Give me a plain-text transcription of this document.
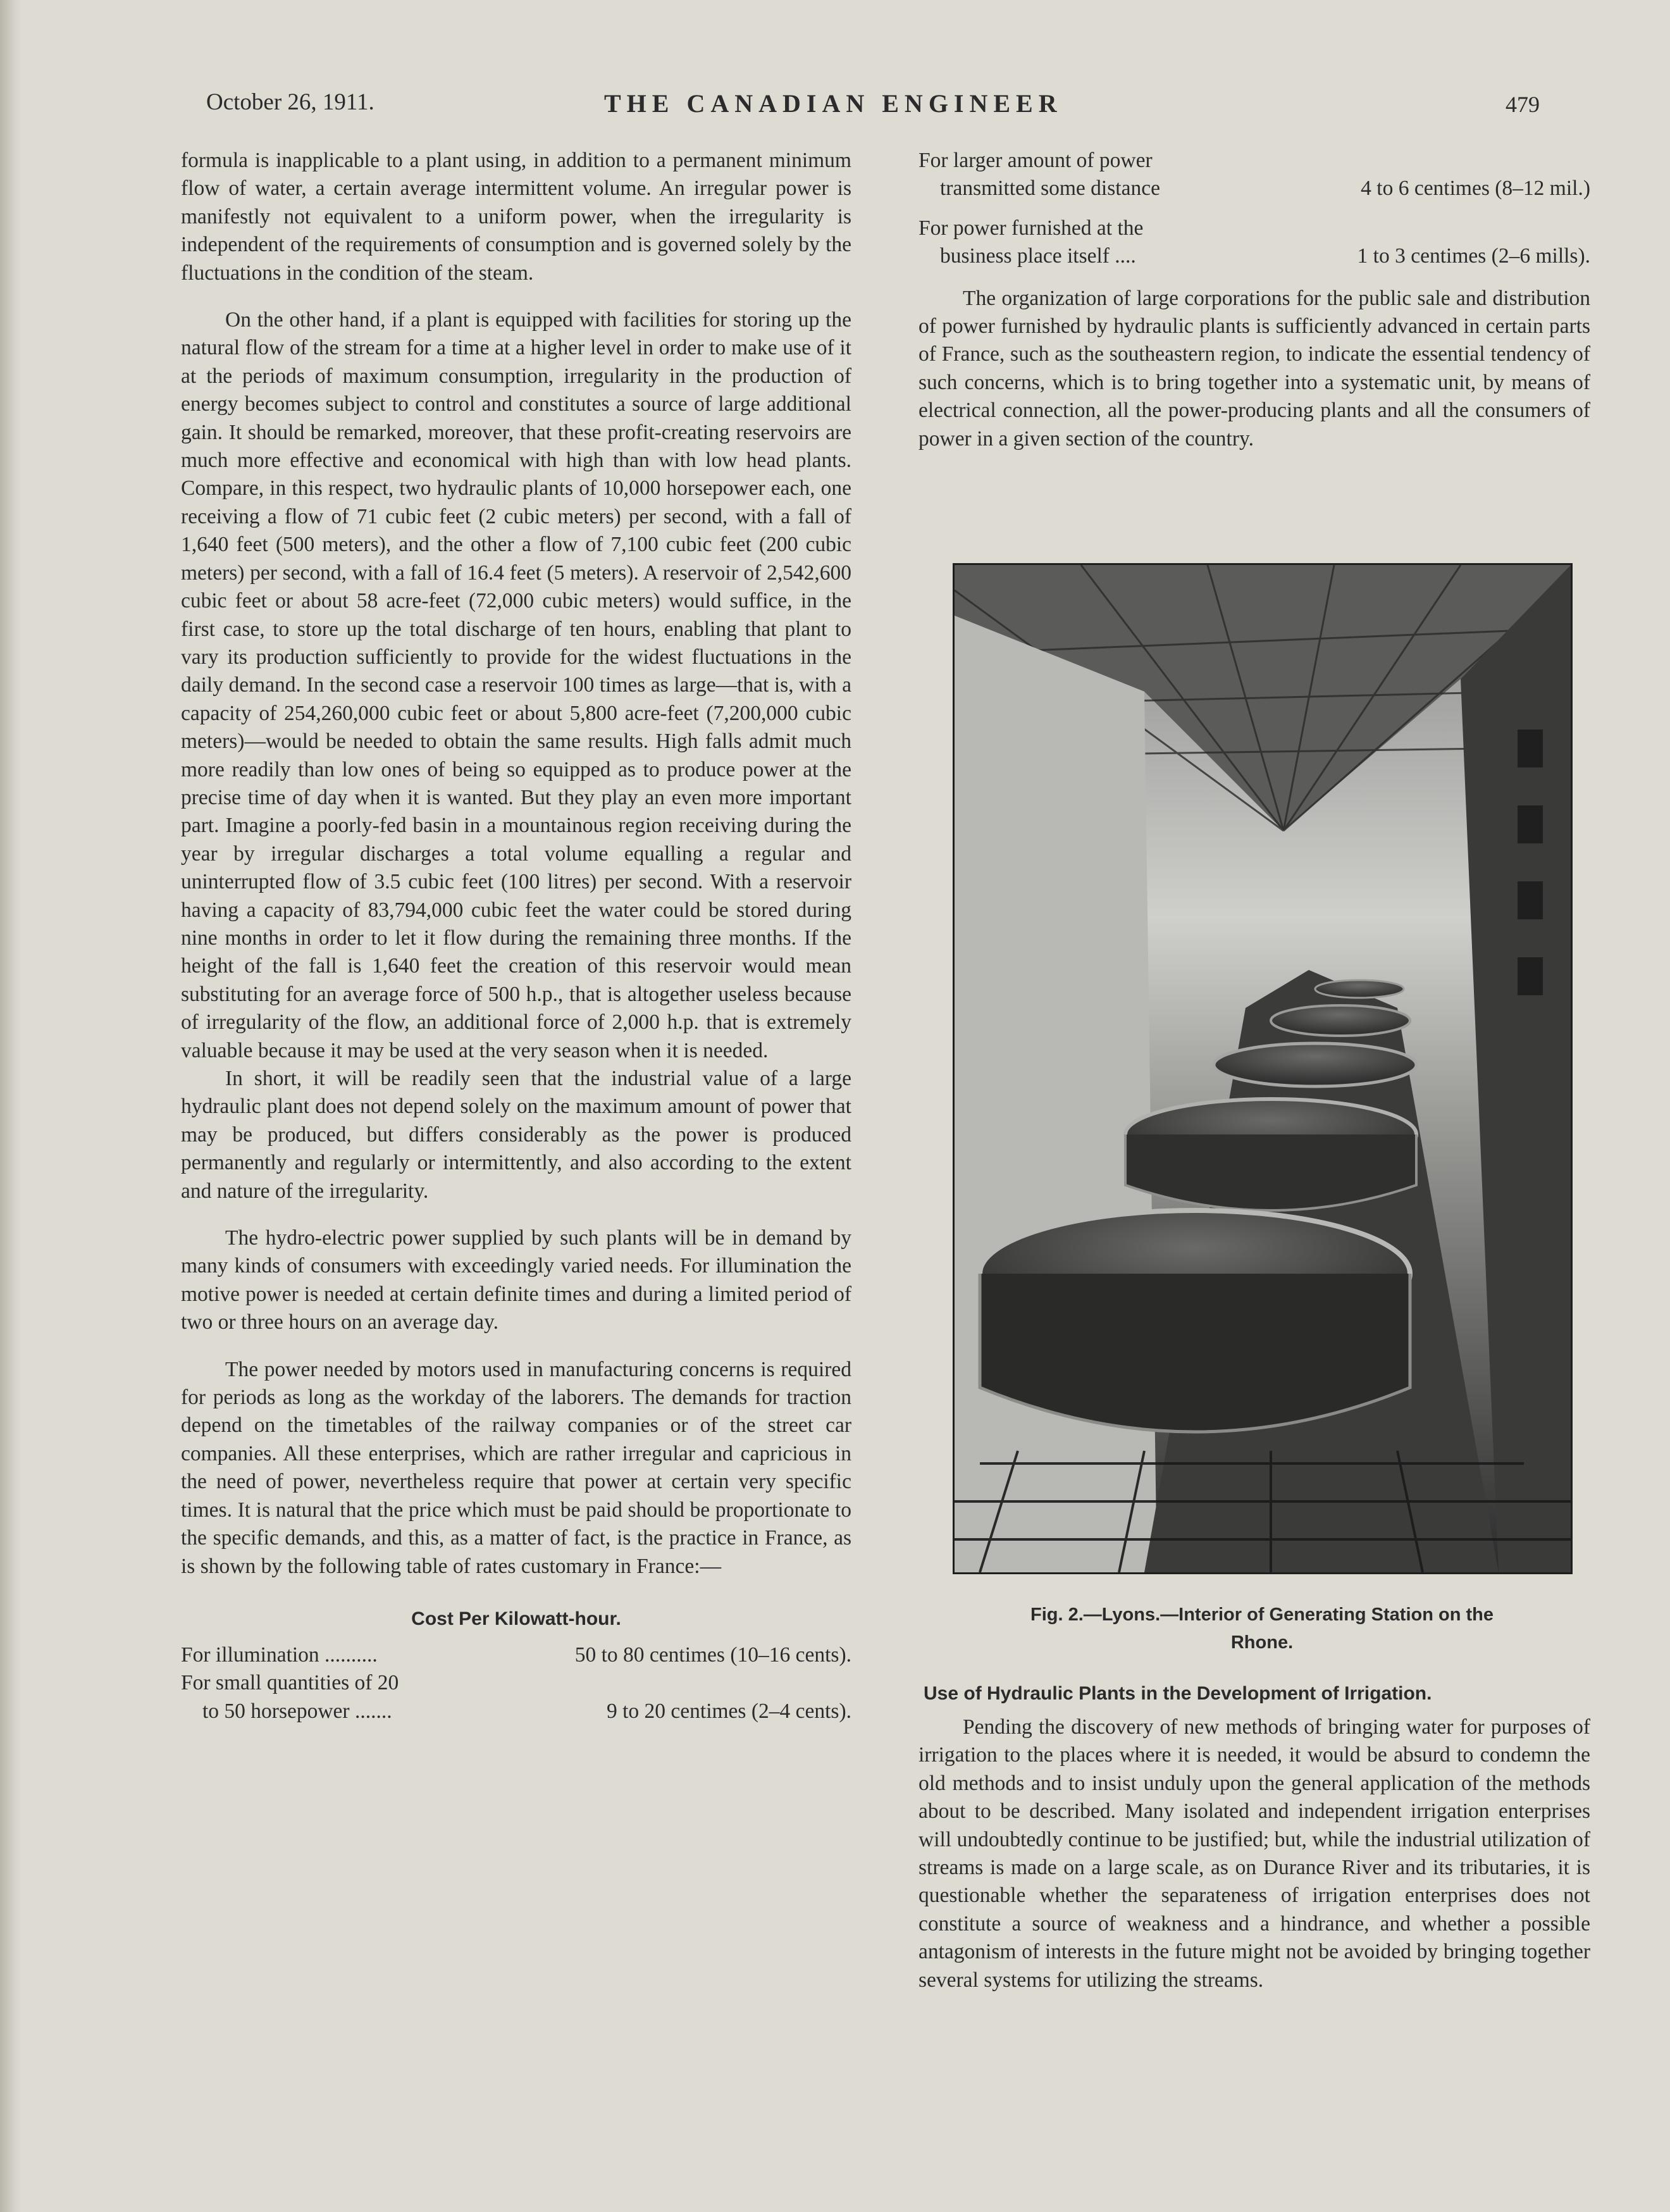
October 26, 1911.	THE CANADIAN ENGINEER	479

formula is inapplicable to a plant using, in addition to a permanent minimum flow of water, a certain average intermittent volume. An irregular power is manifestly not equivalent to a uniform power, when the irregularity is independent of the requirements of consumption and is governed solely by the fluctuations in the condition of the steam.

On the other hand, if a plant is equipped with facilities for storing up the natural flow of the stream for a time at a higher level in order to make use of it at the periods of maximum consumption, irregularity in the production of energy becomes subject to control and constitutes a source of large additional gain. It should be remarked, moreover, that these profit-creating reservoirs are much more effective and economical with high than with low head plants. Compare, in this respect, two hydraulic plants of 10,000 horsepower each, one receiving a flow of 71 cubic feet (2 cubic meters) per second, with a fall of 1,640 feet (500 meters), and the other a flow of 7,100 cubic feet (200 cubic meters) per second, with a fall of 16.4 feet (5 meters). A reservoir of 2,542,600 cubic feet or about 58 acre-feet (72,000 cubic meters) would suffice, in the first case, to store up the total discharge of ten hours, enabling that plant to vary its production sufficiently to provide for the widest fluctuations in the daily demand. In the second case a reservoir 100 times as large—that is, with a capacity of 254,260,000 cubic feet or about 5,800 acre-feet (7,200,000 cubic meters)—would be needed to obtain the same results. High falls admit much more readily than low ones of being so equipped as to produce power at the precise time of day when it is wanted. But they play an even more important part. Imagine a poorly-fed basin in a mountainous region receiving during the year by irregular discharges a total volume equalling a regular and uninterrupted flow of 3.5 cubic feet (100 litres) per second. With a reservoir having a capacity of 83,794,000 cubic feet the water could be stored during nine months in order to let it flow during the remaining three months. If the height of the fall is 1,640 feet the creation of this reservoir would mean substituting for an average force of 500 h.p., that is altogether useless because of irregularity of the flow, an additional force of 2,000 h.p. that is extremely valuable because it may be used at the very season when it is needed.

In short, it will be readily seen that the industrial value of a large hydraulic plant does not depend solely on the maximum amount of power that may be produced, but differs considerably as the power is produced permanently and regularly or intermittently, and also according to the extent and nature of the irregularity.

The hydro-electric power supplied by such plants will be in demand by many kinds of consumers with exceedingly varied needs. For illumination the motive power is needed at certain definite times and during a limited period of two or three hours on an average day.

The power needed by motors used in manufacturing concerns is required for periods as long as the workday of the laborers. The demands for traction depend on the timetables of the railway companies or of the street car companies. All these enterprises, which are rather irregular and capricious in the need of power, nevertheless require that power at certain very specific times. It is natural that the price which must be paid should be proportionate to the specific demands, and this, as a matter of fact, is the practice in France, as is shown by the following table of rates customary in France:—

Cost Per Kilowatt-hour.

For illumination ..........	50 to 80 centimes (10–16 cents).
For small quantities of 20
to 50 horsepower .......	9 to 20 centimes (2–4 cents).
For larger amount of power
transmitted some distance	4 to 6 centimes (8–12 mil.)
For power furnished at the
business place itself ....	1 to 3 centimes (2–6 mills).

The organization of large corporations for the public sale and distribution of power furnished by hydraulic plants is sufficiently advanced in certain parts of France, such as the southeastern region, to indicate the essential tendency of such concerns, which is to bring together into a systematic unit, by means of electrical connection, all the power-producing plants and all the consumers of power in a given section of the country.

Fig. 2.—Lyons.—Interior of Generating Station on the
Rhone.

Use of Hydraulic Plants in the Development of Irrigation.

Pending the discovery of new methods of bringing water for purposes of irrigation to the places where it is needed, it would be absurd to condemn the old methods and to insist unduly upon the general application of the methods about to be described. Many isolated and independent irrigation enterprises will undoubtedly continue to be justified; but, while the industrial utilization of streams is made on a large scale, as on Durance River and its tributaries, it is questionable whether the separateness of irrigation enterprises does not constitute a source of weakness and a hindrance, and whether a possible antagonism of interests in the future might not be avoided by bringing together several systems for utilizing the streams.
